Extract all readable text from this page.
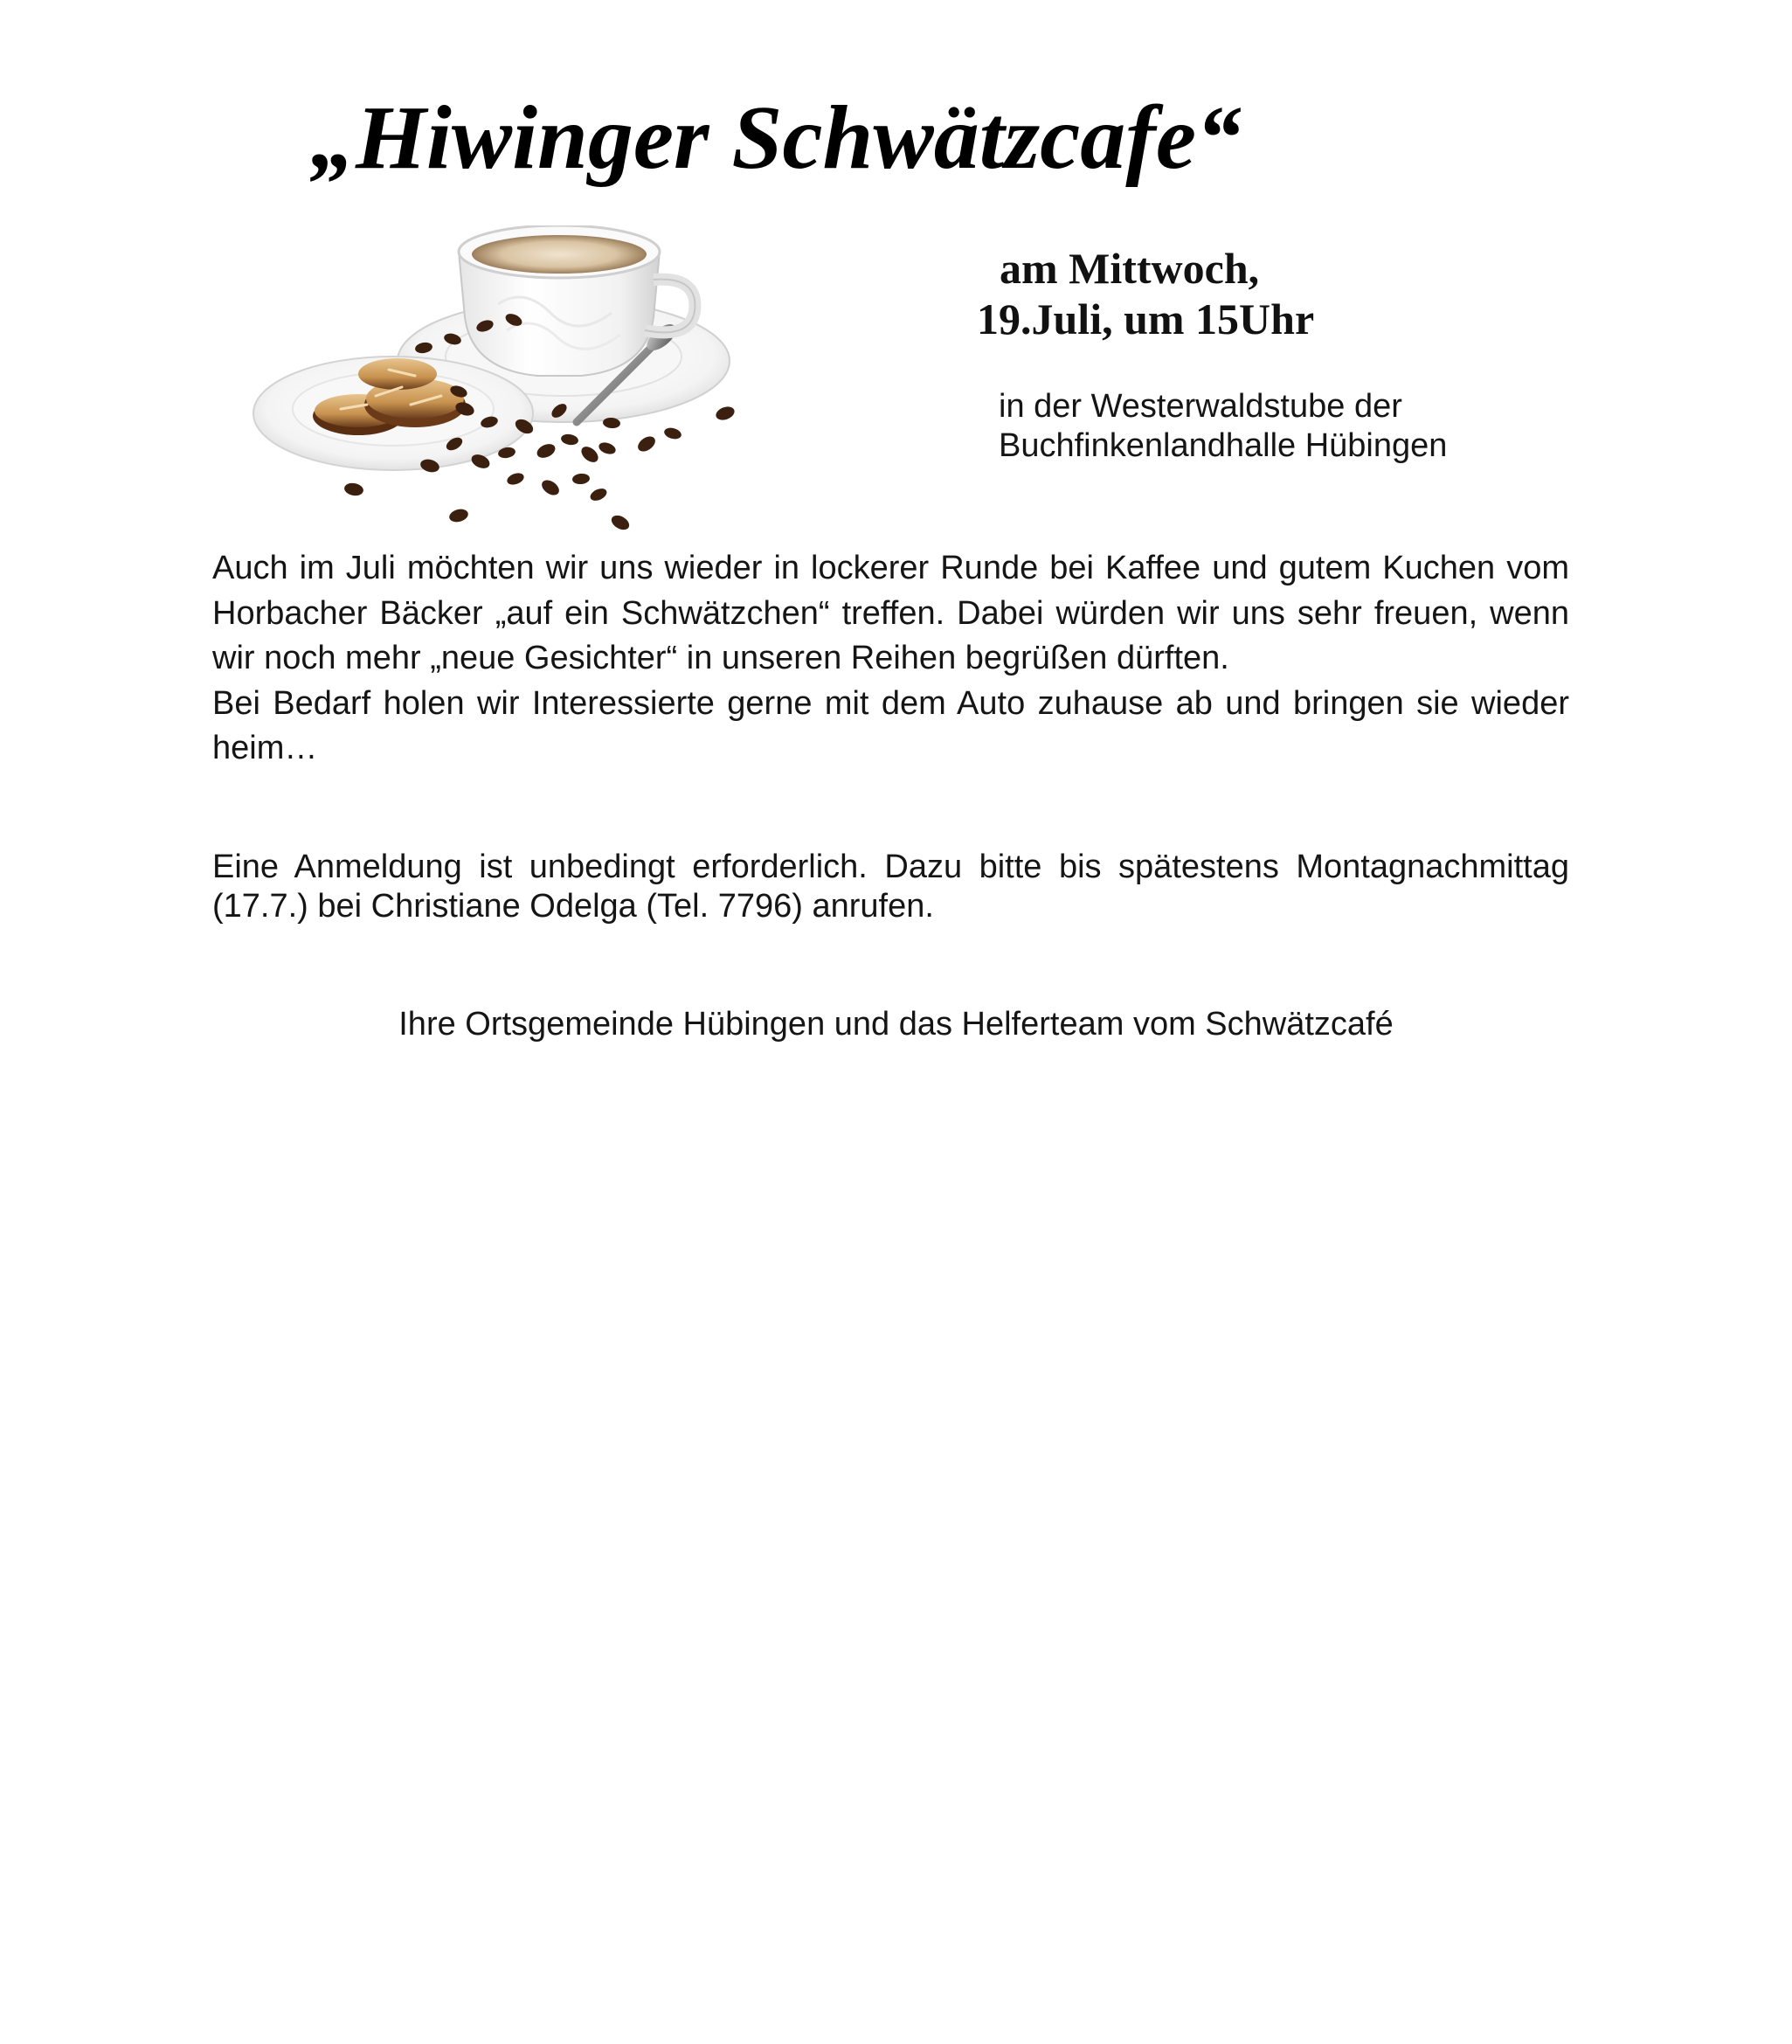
„Hiwinger Schwätzcafe“
am Mittwoch,
19.Juli, um 15Uhr
in der Westerwaldstube der
Buchfinkenlandhalle Hübingen

Auch im Juli möchten wir uns wieder in lockerer Runde bei Kaffee und gutem Kuchen vom Horbacher Bäcker „auf ein Schwätzchen“ treffen. Dabei würden wir uns sehr freuen, wenn wir noch mehr „neue Gesichter“ in unseren Reihen begrüßen dürften.

Bei Bedarf holen wir Interessierte gerne mit dem Auto zuhause ab und bringen sie wieder heim…

Eine Anmeldung ist unbedingt erforderlich. Dazu bitte bis spätestens Montagnachmittag (17.7.) bei Christiane Odelga (Tel. 7796) anrufen.

Ihre Ortsgemeinde Hübingen und das Helferteam vom Schwätzcafé
